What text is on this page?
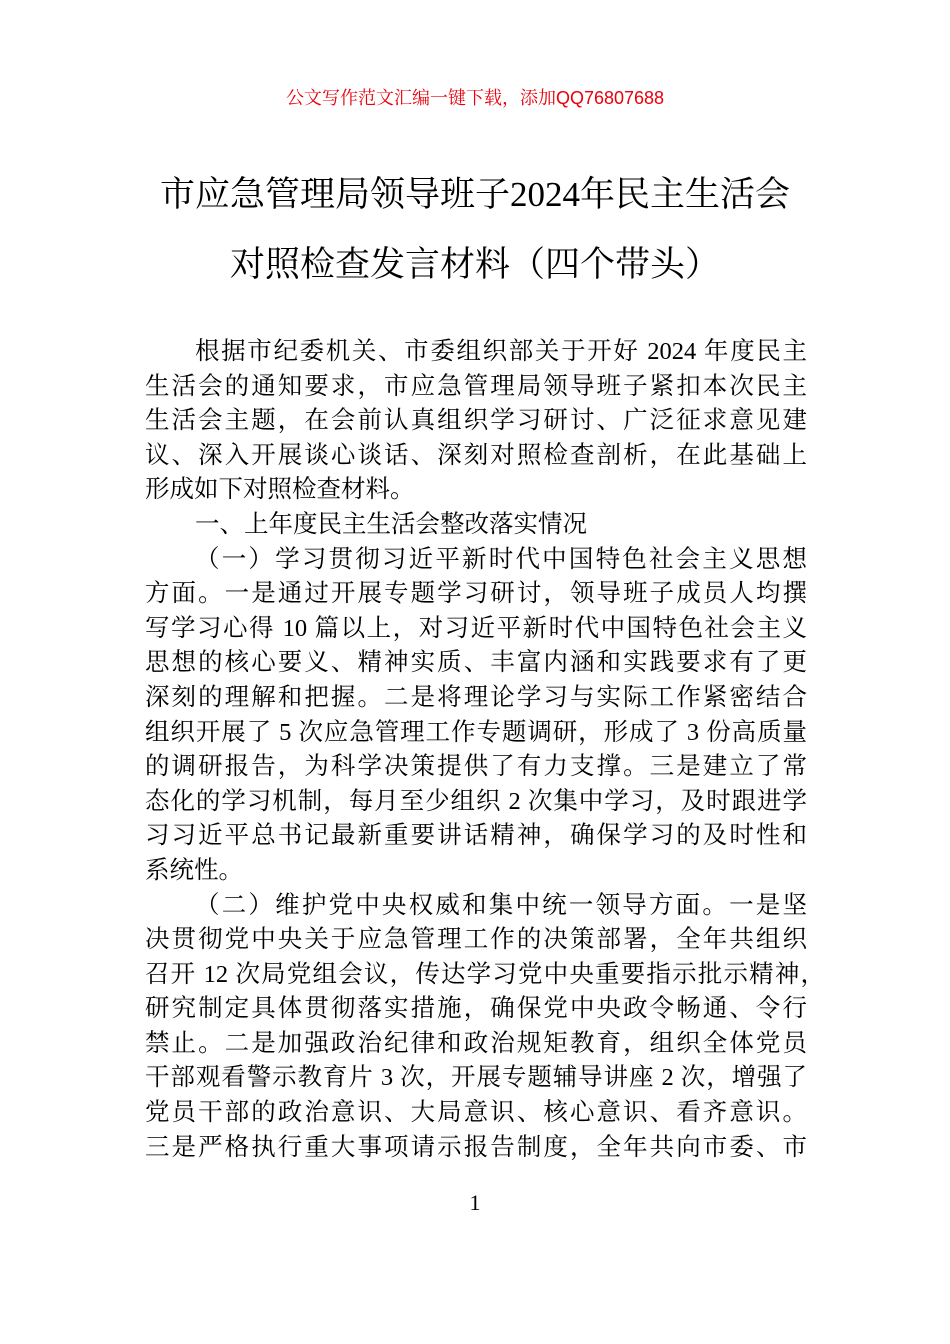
公文写作范文汇编一键下载，添加QQ76807688
市应急管理局领导班子2024年民主生活会
对照检查发言材料（四个带头）
根据市纪委机关、市委组织部关于开好 2024 年度民主
生活会的通知要求，市应急管理局领导班子紧扣本次民主
生活会主题，在会前认真组织学习研讨、广泛征求意见建
议、深入开展谈心谈话、深刻对照检查剖析，在此基础上
形成如下对照检查材料。
一、上年度民主生活会整改落实情况
（一）学习贯彻习近平新时代中国特色社会主义思想
方面。一是通过开展专题学习研讨，领导班子成员人均撰
写学习心得 10 篇以上，对习近平新时代中国特色社会主义
思想的核心要义、精神实质、丰富内涵和实践要求有了更
深刻的理解和把握。二是将理论学习与实际工作紧密结合
组织开展了 5 次应急管理工作专题调研，形成了 3 份高质量
的调研报告，为科学决策提供了有力支撑。三是建立了常
态化的学习机制，每月至少组织 2 次集中学习，及时跟进学
习习近平总书记最新重要讲话精神，确保学习的及时性和
系统性。
（二）维护党中央权威和集中统一领导方面。一是坚
决贯彻党中央关于应急管理工作的决策部署，全年共组织
召开 12 次局党组会议，传达学习党中央重要指示批示精神，
研究制定具体贯彻落实措施，确保党中央政令畅通、令行
禁止。二是加强政治纪律和政治规矩教育，组织全体党员
干部观看警示教育片 3 次，开展专题辅导讲座 2 次，增强了
党员干部的政治意识、大局意识、核心意识、看齐意识。
三是严格执行重大事项请示报告制度，全年共向市委、市
1
